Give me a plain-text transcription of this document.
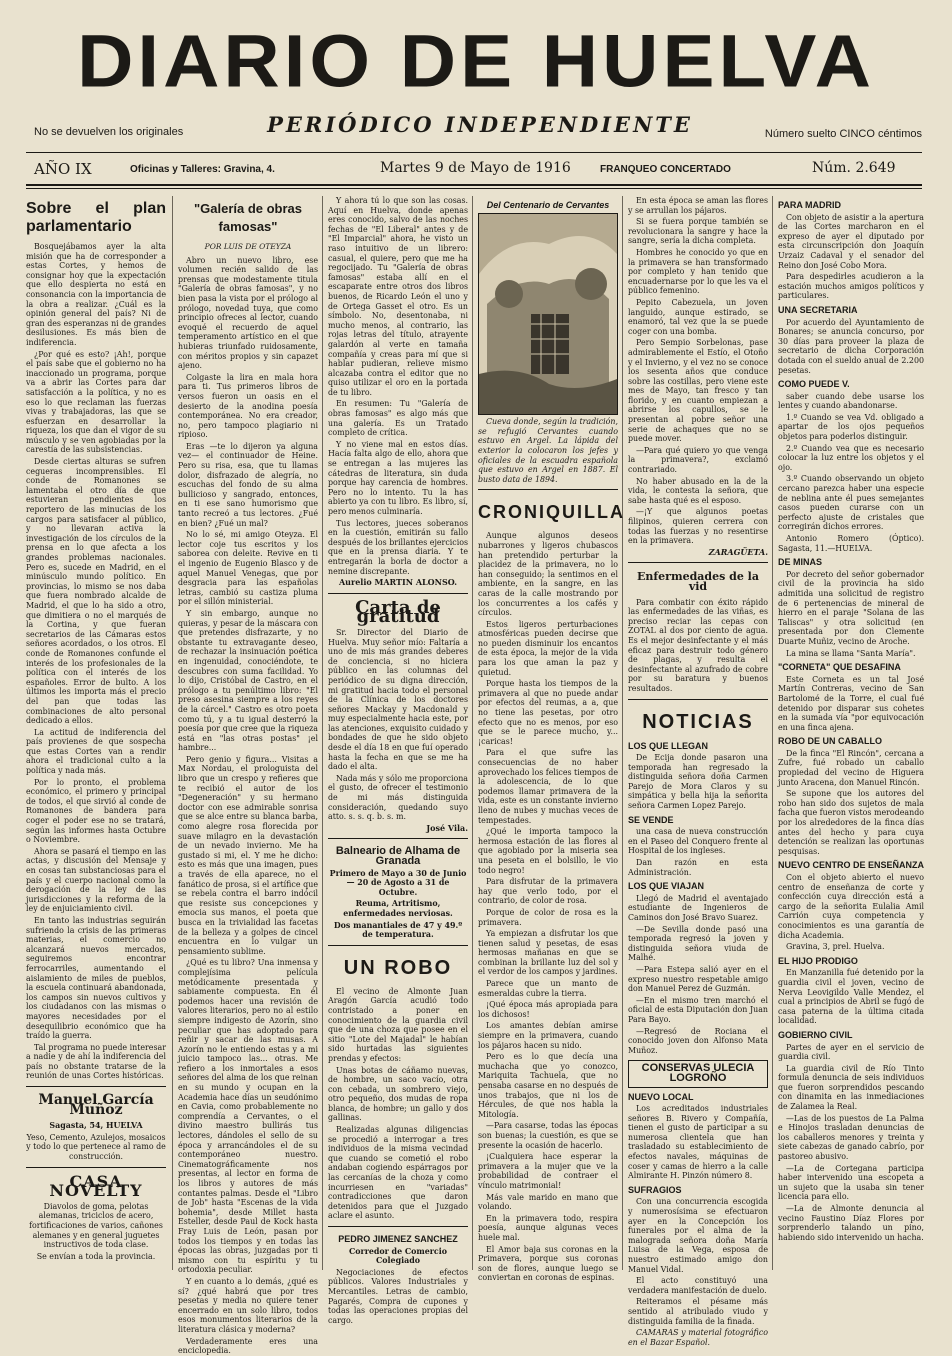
DIARIO DE HUELVA
No se devuelven los originales	PERIÓDICO INDEPENDIENTE	Número suelto CINCO céntimos
AÑO IX	Oficinas y Talleres: Gravina, 4.	Martes 9 de Mayo de 1916	FRANQUEO CONCERTADO	Núm. 2.649
Sobre el plan parlamentario

Bosquejábamos ayer la alta misión que ha de corresponder a estas Cortes, y hemos de consignar hoy que la expectación que ello despierta no está en consonancia con la importancia de la obra a realizar. ¿Cuál es la opinión general del país? Ni de gran des esperanzas ni de grandes desilusiones. Es más bien de indiferencia.

¿Por qué es esto? ¡Ah!, porque el país sabe que el gobierno no ha inaccionado un programa, porque va a abrir las Cortes para dar satisfacción a la política, y no es eso lo que reclaman las fuerzas vivas y trabajadoras, las que se esfuerzan en desarrollar la riqueza, los que dan el vigor de su músculo y se ven agobiadas por la carestía de las subsistencias.

Desde ciertas alturas se sufren cegueras incomprensibles. El conde de Romanones se lamentaba el otro día de que estuvieran pendientes los reportero de las minucias de los cargos para satisfacer al público, y no llevaran activa la investigación de los círculos de la prensa en lo que afecta a los grandes problemas nacionales. Pero es, sucede en Madrid, en el minúsculo mundo político. En provincias, lo mismo se nos daba que fuera nombrado alcalde de Madrid, el que lo ha sido a otro, que dimitiera o no el marqués de la Cortina, y que fueran secretarios de las Cámaras estos señores acordados, o los otros. El conde de Romanones confunde el interés de los profesionales de la política con el interés de los españoles. Error de bulto. A los últimos les importa más el precio del pan que todas las combinaciones de alto personal dedicado a ellos.

La actitud de indiferencia del país provienes de que sospecha que estas Cortes van a rendir ahora el tradicional culto a la política y nada más.

Por lo pronto, el problema económico, el primero y principal de todos, el que sirvió al conde de Romanones de bandera para coger el poder ese no se tratará, según las informes hasta Octubre o Noviembre.

Ahora se pasará el tiempo en las actas, y discusión del Mensaje y en cosas tan substanciosas para el país y el cuerpo nacional como la derogación de la ley de las jurisdicciones y la reforma de la ley de enjuiciamiento civil.

En tanto las industrias seguirán sufriendo la crisis de las primeras materias, el comercio no alcanzará nuevos mercados, seguiremos encontrar ferrocarriles, aumentando el aislamiento de miles de pueblos, la escuela continuará abandonada, los campos sin nuevos cultivos y los ciudadanos con las mismas o mayores necesidades por el desequilibrio económico que ha traído la guerra.

Tal programa no puede interesar a nadie y de ahí la indiferencia del país no obstante tratarse de la reunión de unas Cortes históricas.

Manuel García Muñoz

Sagasta, 54, HUELVA

Yeso, Cemento, Azulejos, mosaicos y todo lo que pertenece al ramo de construcción.

CASA NOVELTY

Diavolos de goma, pelotas alemanas, triciclos de acero, fortificaciones de varios, cañones alemanes y en general juguetes instructivos de toda clase.

Se envían a toda la provincia.

"Galería de obras famosas"
POR LUIS DE OTEYZA

Abro un nuevo libro, ese volumen recién salido de las prensas que modestamente titula "Galería de obras famosas", y no bien pasa la vista por el prólogo al prólogo, novedad tuya, que como principio ofreces al lector, cuando evoqué el recuerdo de aquel temperamento artístico en el que hubieras triunfado ruidosamente, con méritos propios y sin capazet ajeno.

Colgaste la lira en mala hora para ti. Tus primeros libros de versos fueron un oasis en el desierto de la anodina poesía contemporánea. No era creador, no, pero tampoco plagiario ni ripioso.

Eras —te lo dijeron ya alguna vez— el continuador de Heine. Pero su risa, esa, que tu llamas dolor, disfrazado de alegría, no escuchas del fondo de su alma bullicioso y sangrado, entonces, en ti ese sano humorismo que tanto recreó a tus lectores. ¿Fué en bien? ¿Fué un mal?

No lo sé, mi amigo Oteyza. El lector coje tus escritos y los saborea con deleite. Revive en ti el ingenio de Eugenio Blasco y de aquel Manuel Venegas, que por desgracia para las españolas letras, cambió su castiza pluma por el sillón ministerial.

Y sin embargo, aunque no quieras, y pesar de la máscara con que pretendes disfrazarte, y no obstante tu extravagante deseo, de rechazar la insinuación poética en ingenuidad, conociéndote, te descubres con suma facilidad. Yo lo dijo, Cristóbal de Castro, en el prólogo a tu penúltimo libro: "El preso asesina siempre a los reyes de la cárcel." Castro es otro poeta como tú, y a tu igual desterró la poesía por que cree que la riqueza está en "las otras postas" ¡el hambre...

Pero genio y figura... Visitas a Max Nordau, el prologuista del libro que un crespo y refieres que te recibió el autor de los "Degeneración" y su hermano doctor con ese admirable sonrisa que se alce entre su blanca barba, como alegre rosa florecida por suave milagro en la devastación de un nevado invierno. Me ha gustado si mi, el. Y me he dicho: esto es más que una imagen, pues a través de ella aparece, no el fanático de prosa, si el artífice que se rebela contra el barro indócil que resiste sus concepciones y emocia sus manos, el poeta que busca en la trivialidad las facetas de la belleza y a golpes de cincel encuentra en lo vulgar un pensamiento sublime.

¿Qué es tu libro? Una inmensa y complejísima película metódicamente presentada y sabiamente compuesta. En él podemos hacer una revisión de valores literarios, pero no al estilo siempre indigesto de Azorín, sino peculiar que has adoptado para reñir y sacar de las musas. A Azorín no le entiendo estas y a mi juicio tampoco las... otras. Me refiero a los inmortales a esos señores del alma de los que reinan en su mundo y ocupan en la Academia hace días un seudónimo en Cavia, como probablemente no comprendía a Cervantes, o el divino maestro bullirás tus lectores, dándoles el sello de su época y arrancándoles el de su contemporáneo nuestro. Cinematográficamente nos presentas, al lector en forma de los libros y autores de más contantes palmas. Desde el "Libro de Job" hasta "Escenas de la vida bohemia", desde Millet hasta Esteller, desde Paul de Kock hasta Fray Luis de León, pasan por todos los tiempos y en todas las épocas las obras, juzgadas por ti mismo con tu espíritu y tu ortodoxia peculiar.

Y en cuanto a lo demás, ¿qué es sí? ¿qué habrá que por tres pesetas y media no quiere tener encerrado en un solo libro, todos esos monumentos literarios de la literatura clásica y moderna?

Verdaderamente eres una enciclopedia.

Y ahora tú lo que son las cosas. Aquí en Huelva, donde apenas eres conocido, salvo de las noches fechas de "El Liberal" antes y de "El Imparcial" ahora, he visto un raso intuitivo de un librero: casual, el quiere, pero que me ha regocijado. Tu "Galería de obras famosas" estaba allí en el escaparate entre otros dos libros buenos, de Ricardo León el uno y de Ortega Gasset el otro. Es un símbolo. No, desentonaba, ni mucho menos, al contrario, las rojas letras del título, atrayente galardón al verte en tamaña compañía y creas para mí que si hablar pudieran, relieve mismo alcazaba contra el editor que no quiso utilizar el oro en la portada de tu libro.

En resumen: Tu "Galería de obras famosas" es algo más que una galería. Es un Tratado completo de crítica.

Y no viene mal en estos días. Hacía falta algo de ello, ahora que se entregan a las mujeres las cátedras de literatura, sin duda porque hay carencia de hombres. Pero no lo intento. Tu la has abierto ya con tu libro. Es libro, sí, pero menos culminaría.

Tus lectores, jueces soberanos en la cuestión, emitirán su fallo después de los brillantes ejercicios que en la prensa diaria. Y te entregarán la borla de doctor a nemine discrepante.

Aurelio MARTIN ALONSO.
Carta de gratitud

Sr. Director del Diario de Huelva. Muy señor mío: Faltaría a uno de mis más grandes deberes de conciencia, si no hiciera público en las columnas del periódico de su digna dirección, mi gratitud hacia todo el personal de la Clínica de los doctores señores Mackay y Macdonald y muy especialmente hacia este, por las atenciones, exquisito cuidado y bondades de que he sido objeto desde el día 18 en que fuí operado hasta la fecha en que se me ha dado el alta.

Nada más y sólo me proporciona el gusto, de ofrecer el testimonio de mi más distinguida consideración, quedando suyo atto. s. s. q. b. s. m.

José Vila.
Balneario de Alhama de Granada

Primero de Mayo a 30 de Junio— 20 de Agosto a 31 de Octubre.

Reuma, Artritismo, enfermedades nerviosas.

Dos manantiales de 47 y 49.º de temperatura.

UN ROBO

El vecino de Almonte Juan Aragón García acudió todo contristado a poner en conocimiento de la guardia civil que de una choza que posee en el sitio "Lote del Majadal" le habían sido hurtadas las siguientes prendas y efectos:

Unas botas de cáñamo nuevas, de hombre, un saco vacío, otra con cebada, un sombrero viejo, otro pequeño, dos mudas de ropa blanca, de hombre; un gallo y dos gallinas.

Realizadas algunas diligencias se procedió a interrogar a tres individuos de la misma vecindad que cuando se cometió el robo andaban cogiendo espárragos por las cercanías de la choza y como incurriesen en "variadas" contradicciones que daron detenidos para que el Juzgado aclare el asunto.

PEDRO JIMENEZ SANCHEZ

Corredor de Comercio Colegiado

Negociaciones de efectos públicos. Valores Industriales y Mercantiles. Letras de cambio, Pagarés, Compra de cupones y todas las operaciones propias del cargo.

Del Centenario de Cervantes

Cueva donde, según la tradición, se refugió Cervantes cuando estuvo en Argel. La lápida del exterior la colocaron los jefes y oficiales de la escuadra española que estuvo en Argel en 1887. El busto data de 1894.

CRONIQUILLA

Aunque algunos deseos nubarrones y ligeros chubascos han pretendido perturbar la placidez de la primavera, no lo han conseguido; la sentimos en el ambiente, en la sangre, en las caras de la calle mostrando por los concurrentes a los cafés y círculos.

Estos ligeros perturbaciones atmosféricas pueden decirse que no pueden disminuir los encantos de esta época, la mejor de la vida para los que aman la paz y quietud.

Porque hasta los tiempos de la primavera al que no puede andar por efectos del reumas, a a, que no tiene las pesetas, por otro efecto que no es menos, por eso que se le parece mucho, y... ¡caricas!

Para el que sufre las consecuencias de no haber aprovechado los felices tiempos de la adolescencia, de lo que podemos llamar primavera de la vida, este es un constante invierno lleno de nubes y muchas veces de tempestades.

¿Qué le importa tampoco la hermosa estación de las flores al que agobiado por la miseria sea una peseta en el bolsillo, le vio todo negro!

Para disfrutar de la primavera hay que verlo todo, por el contrario, de color de rosa.

Porque de color de rosa es la primavera.

Ya empiezan a disfrutar los que tienen salud y pesetas, de esas hermosas mañanas en que se combinan la brillante luz del sol y el verdor de los campos y jardines.

Parece que un manto de esmeraldas cubre la tierra.

¡Qué época más apropiada para los dichosos!

Los amantes debían amirse siempre en la primavera, cuando los pájaros hacen su nido.

Pero es lo que decía una muchacha que yo conozco, Mariquita Tachuela, que no pensaba casarse en no después de unos trabajos, que ni los de Hércules, de que nos habla la Mitología.

—Para casarse, todas las épocas son buenas; la cuestión, es que se presente la ocasión de hacerlo.

¡Cualquiera hace esperar la primavera a la mujer que ve la probabilidad de contraer el vínculo matrimonial!

Más vale marido en mano que volando.

En la primavera todo, respira poesía, aunque algunas veces huele mal.

El Amor baja sus coronas en la Primavera, porque sus coronas son de flores, aunque luego se conviertan en coronas de espinas.

En esta época se aman las flores y se arrullan los pájaros.

Si se fuera porque también se revolucionara la sangre y hace la sangre, sería la dicha completa.

Hombres he conocido yo que en la primavera se han transformado por completo y han tenido que encuadernarse por lo que les va el público femenino.

Pepito Cabezuela, un joven languido, aunque estirado, se enamoró, tal vez que la se puede coger con una bomba.

Pero Sempio Sorbelonas, pase admirablemente el Estío, el Otoño y el Invierno, y el vez no se conoce los sesenta años que conduce sobre las costillas, pero viene este mes de Mayo, tan fresco y tan florido, y en cuanto empiezan a abrirse los capullos, se le presentan al pobre señor una serie de achaques que no se puede mover.

—Para qué quiero yo que venga la primavera?, exclamó contrariado.

No haber abusado en la de la vida, le contesta la señora, que sabe hasta qué es el esposo.

—¡Y que algunos poetas filipinos, quieren cerrera con todas las fuerzas y no resentirse en la primavera.

ZARAGÜETA.
Enfermedades de la vid

Para combatir con éxito rápido las enfermedades de las viñas, es preciso reciar las cepas con ZOTAL al dos por ciento de agua. Es el mejor desinfectante y el más eficaz para destruir todo género de plagas, y resulta el desinfectante al azufrado de cobre por su baratura y buenos resultados.

NOTICIAS
LOS QUE LLEGAN

De Ecija donde pasaron una temporada han regresado la distinguida señora doña Carmen Parejo de Mora Claros y su simpática y bella hija la señorita señora Carmen Lopez Parejo.

SE VENDE

una casa de nueva construcción en el Paseo del Conquero frente al Hospital de los ingleses.

Dan razón en esta Administración.

LOS QUE VIAJAN

Llegó de Madrid el aventajado estudiante de Ingenieros de Caminos don José Bravo Suarez.

—De Sevilla donde pasó una temporada regresó la joven y distinguida señora viuda de Malhé.

—Para Estepa salió ayer en el expreso nuestro respetable amigo don Manuel Perez de Guzmán.

—En el mismo tren marchó el oficial de esta Diputación don Juan Para Bayo.

—Regresó de Rociana el conocido joven don Alfonso Mata Muñoz.

CONSERVAS ULECIA LOGROÑO
NUEVO LOCAL

Los acreditados industriales señores B. Rivero y Compañía, tienen el gusto de participar a su numerosa clientela que han trasladado su establecimiento de efectos navales, máquinas de coser y camas de hierro a la calle Almirante H. Pinzón número 8.

SUFRAGIOS

Con una concurrencia escogida y numerosísima se efectuaron ayer en la Concepción los funerales por el alma de la malograda señora doña María Luisa de la Vega, esposa de nuestro estimado amigo don Manuel Vidal.

El acto constituyó una verdadera manifestación de duelo.

Reiteramos el pésame más sentido al atribulado viudo y distinguida familia de la finada.

CAMARAS y material fotográfico en el Bazar Español.

PARA MADRID

Con objeto de asistir a la apertura de las Cortes marcharon en el expreso de ayer el diputado por esta circunscripción don Joaquín Urzaiz Cadaval y el senador del Reino don José Cobo Mora.

Para despedirles acudieron a la estación muchos amigos políticos y particulares.

UNA SECRETARIA

Por acuerdo del Ayuntamiento de Bonares; se anuncia concurso, por 30 días para proveer la plaza de secretario de dicha Corporación dotada con el sueldo anual de 2.200 pesetas.

COMO PUEDE V.

saber cuando debe usarse los lentes y cuando abandonarse.

1.º Cuando se vea Vd. obligado a apartar de los ojos pequeños objetos para poderlos distinguir.

2.º Cuando vea que es necesario colocar la luz entre los objetos y el ojo.

3.º Cuando observando un objeto cercano parezca haber una especie de neblina ante él pues semejantes casos pueden curarse con un perfecto ajuste de cristales que corregirán dichos errores.

Antonio Romero (Óptico). Sagasta, 11.—HUELVA.

DE MINAS

Por decreto del señor gobernador civil de la provincia ha sido admitida una solicitud de registro de 6 pertenencias de mineral de hierro en el paraje "Solana de las Taliscas" y otra solicitud (en presentada por don Clemente Duarte Muñiz, vecino de Aroche.

La mina se llama "Santa María".

"CORNETA" QUE DESAFINA

Este Corneta es un tal José Martín Contreras, vecino de San Bartolomé de la Torre, el cual fué detenido por disparar sus cohetes en la sumada vía "por equivocación en una finca ajena.

ROBO DE UN CABALLO

De la finca "El Rincón", cercana a Zufre, fué robado un caballo propiedad del vecino de Higuera junto Aracena, don Manuel Rincón.

Se supone que los autores del robo han sido dos sujetos de mala facha que fueron vistos merodeando por los alrededores de la finca días antes del hecho y para cuya detención se realizan las oportunas pesquisas.

NUEVO CENTRO DE ENSEÑANZA

Con el objeto abierto el nuevo centro de enseñanza de corte y confección cuya dirección está a cargo de la señorita Eulalia Amil Carrión cuya competencia y conocimientos es una garantía de dicha Academia.

Gravina, 3, prel. Huelva.

EL HIJO PRODIGO

En Manzanilla fué detenido por la guardia civil el joven, vecino de Nerva Leovigildo Valle Mendez, el cual a principios de Abril se fugó de casa paterna de la última citada localidad.

GOBIERNO CIVIL

Partes de ayer en el servicio de guardia civil.

La guardia civil de Río Tinto formula denuncia de seis individuos que fueron sorprendidos pescando con dinamita en las inmediaciones de Zalamea la Real.

—Las de los puestos de La Palma e Hinojos trasladan denuncias de los caballeros menores y treinta y siete cabezas de ganado cabrío, por pastoreo abusivo.

—La de Cortegana participa haber intervenido una escopeta a un sujeto que la usaba sin tener licencia para ello.

—La de Almonte denuncia al vecino Faustino Díaz Flores por sorprenderlo talando un pino, habiendo sido intervenido un hacha.
